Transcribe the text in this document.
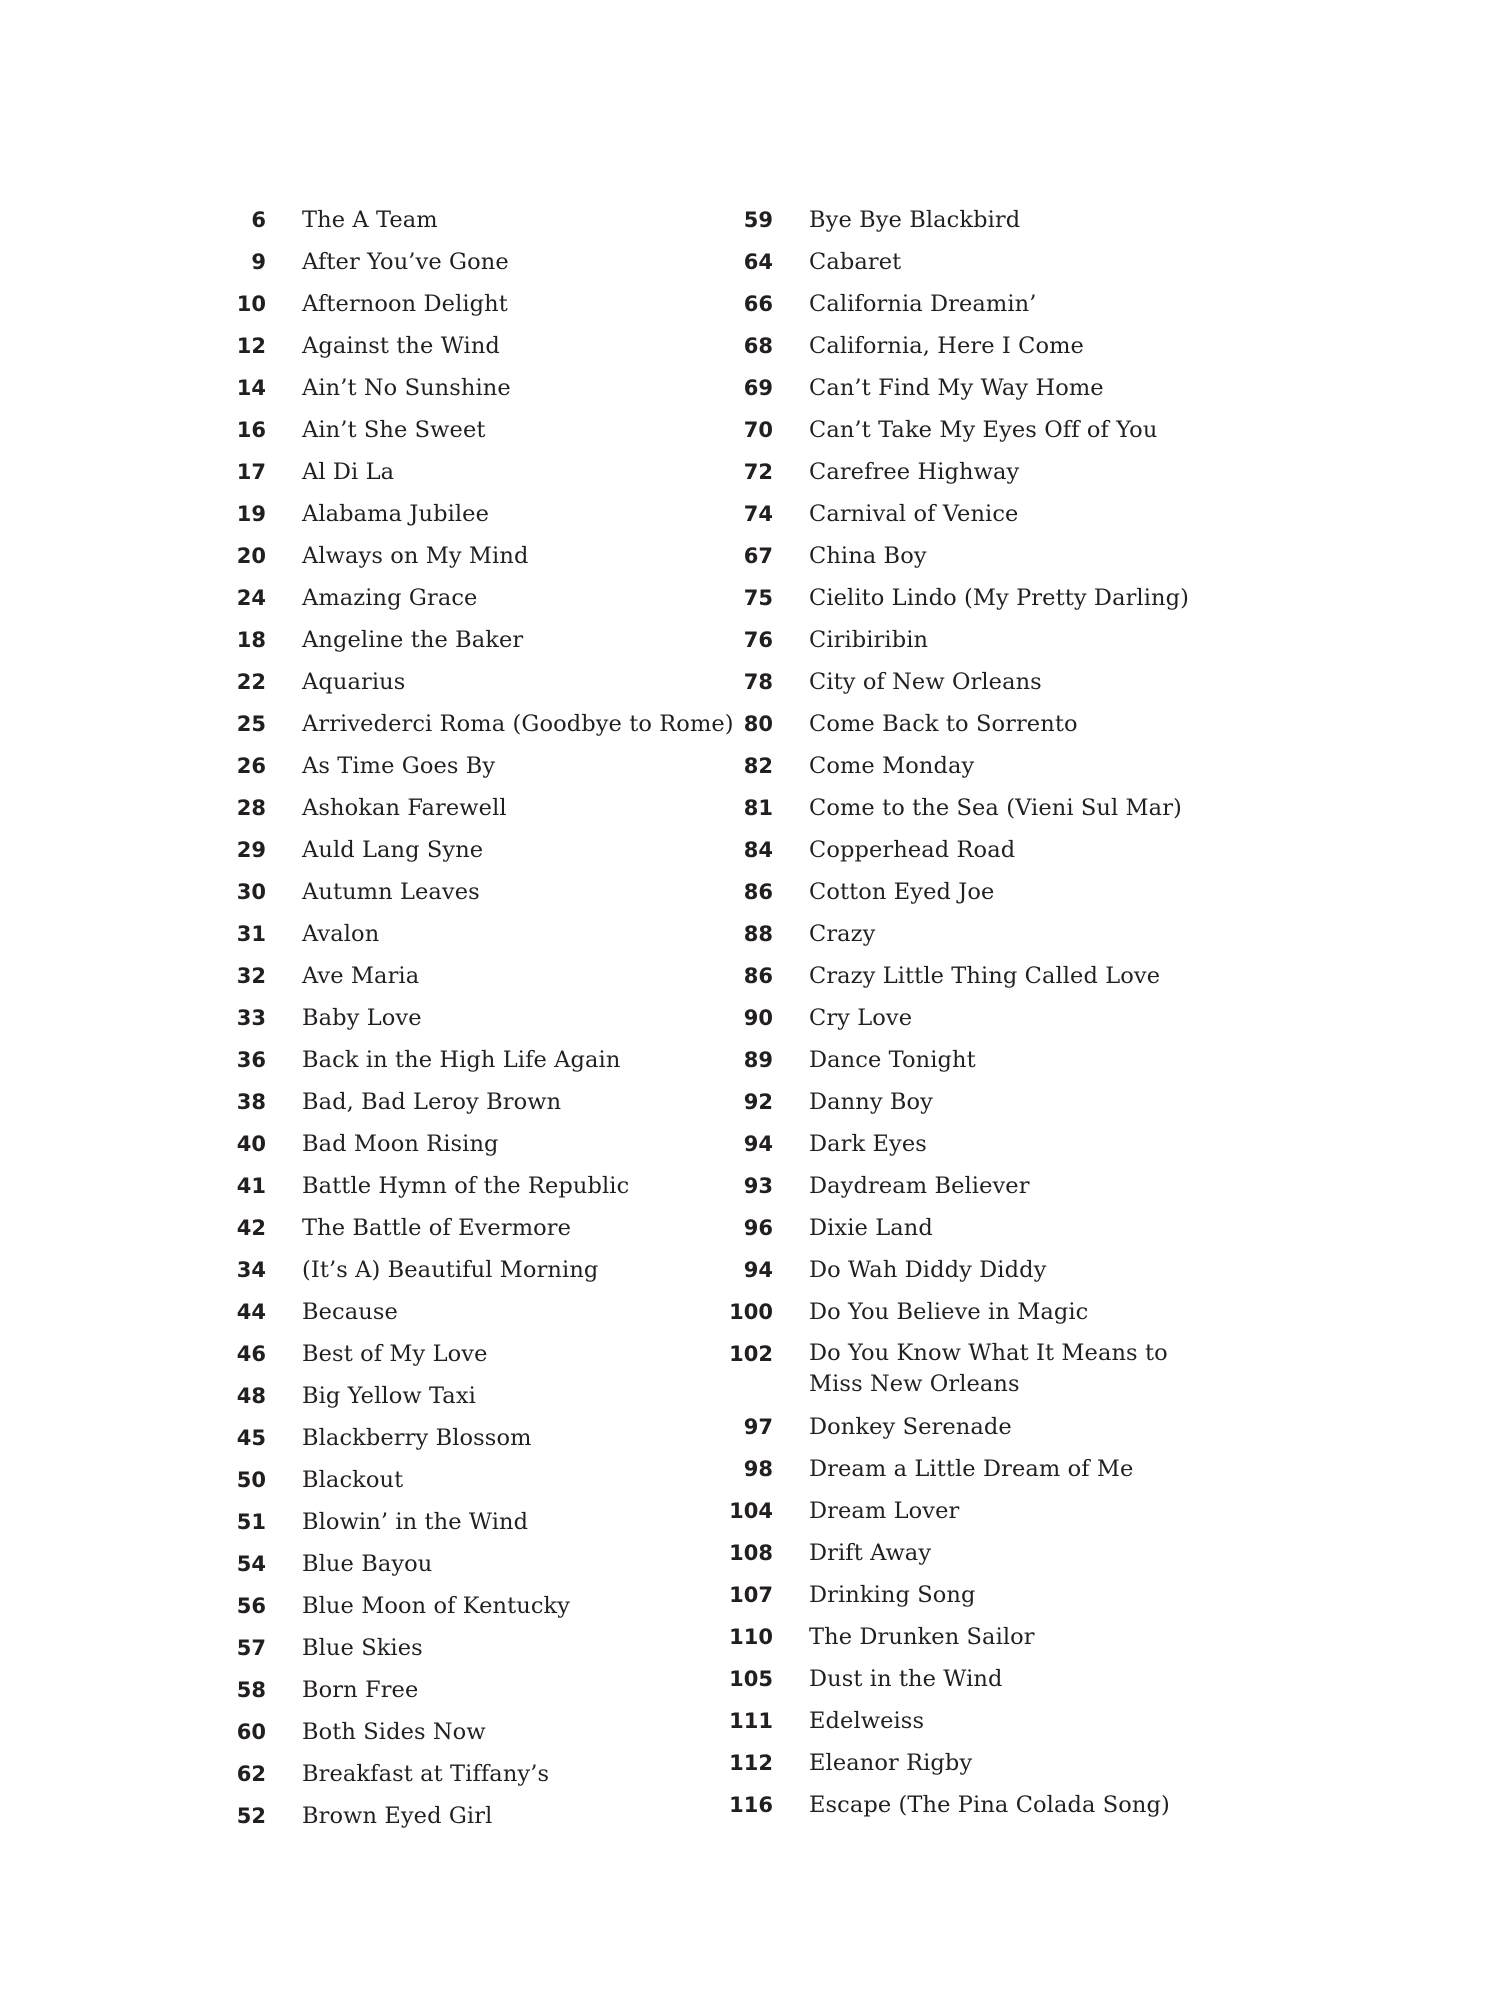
6 The A Team
9 After You’ve Gone
10 Afternoon Delight
12 Against the Wind
14 Ain’t No Sunshine
16 Ain’t She Sweet
17 Al Di La
19 Alabama Jubilee
20 Always on My Mind
24 Amazing Grace
18 Angeline the Baker
22 Aquarius
25 Arrivederci Roma (Goodbye to Rome)
26 As Time Goes By
28 Ashokan Farewell
29 Auld Lang Syne
30 Autumn Leaves
31 Avalon
32 Ave Maria
33 Baby Love
36 Back in the High Life Again
38 Bad, Bad Leroy Brown
40 Bad Moon Rising
41 Battle Hymn of the Republic
42 The Battle of Evermore
34 (It’s A) Beautiful Morning
44 Because
46 Best of My Love
48 Big Yellow Taxi
45 Blackberry Blossom
50 Blackout
51 Blowin’ in the Wind
54 Blue Bayou
56 Blue Moon of Kentucky
57 Blue Skies
58 Born Free
60 Both Sides Now
62 Breakfast at Tiffany’s
52 Brown Eyed Girl
59 Bye Bye Blackbird
64 Cabaret
66 California Dreamin’
68 California, Here I Come
69 Can’t Find My Way Home
70 Can’t Take My Eyes Off of You
72 Carefree Highway
74 Carnival of Venice
67 China Boy
75 Cielito Lindo (My Pretty Darling)
76 Ciribiribin
78 City of New Orleans
80 Come Back to Sorrento
82 Come Monday
81 Come to the Sea (Vieni Sul Mar)
84 Copperhead Road
86 Cotton Eyed Joe
88 Crazy
86 Crazy Little Thing Called Love
90 Cry Love
89 Dance Tonight
92 Danny Boy
94 Dark Eyes
93 Daydream Believer
96 Dixie Land
94 Do Wah Diddy Diddy
100 Do You Believe in Magic
102 Do You Know What It Means to Miss New Orleans
97 Donkey Serenade
98 Dream a Little Dream of Me
104 Dream Lover
108 Drift Away
107 Drinking Song
110 The Drunken Sailor
105 Dust in the Wind
111 Edelweiss
112 Eleanor Rigby
116 Escape (The Pina Colada Song)
